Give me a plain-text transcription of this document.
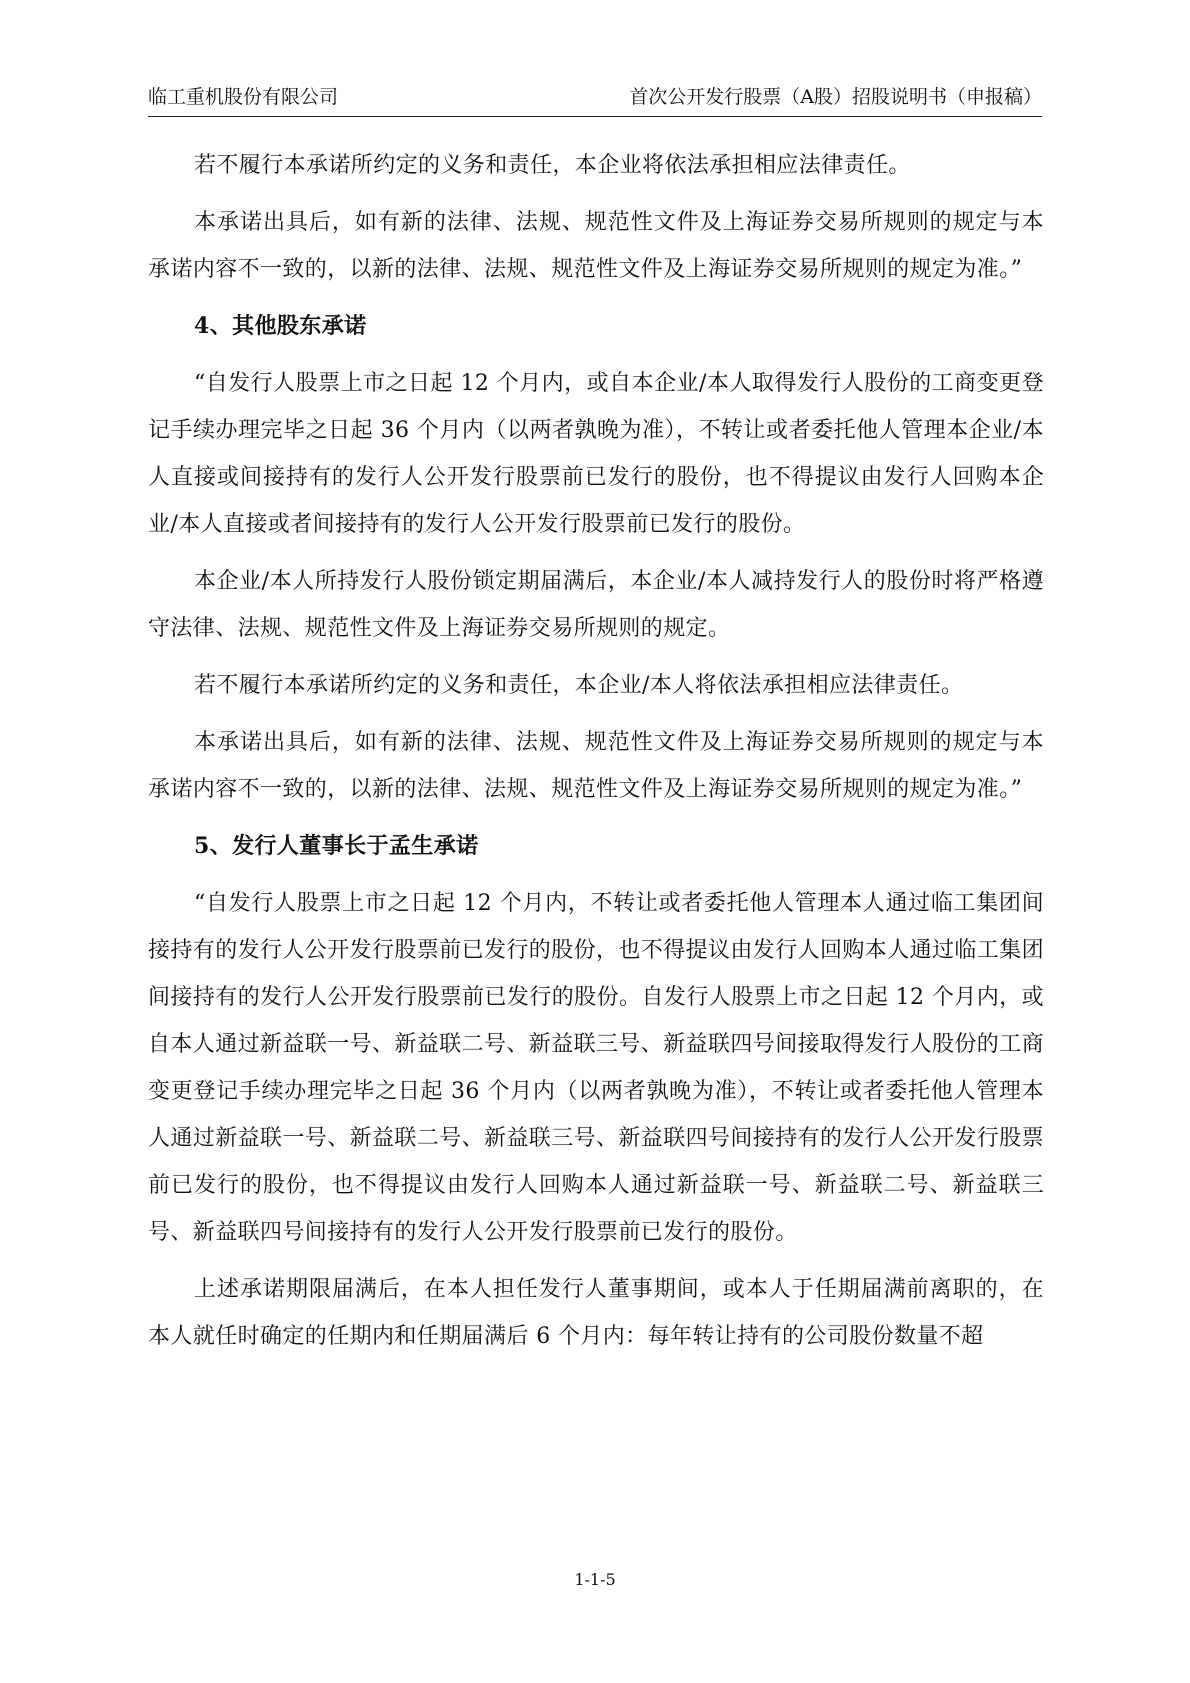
临工重机股份有限公司	首次公开发行股票（A股）招股说明书（申报稿）

若不履行本承诺所约定的义务和责任，本企业将依法承担相应法律责任。

本承诺出具后，如有新的法律、法规、规范性文件及上海证券交易所规则的规定与本承诺内容不一致的，以新的法律、法规、规范性文件及上海证券交易所规则的规定为准。”

4、其他股东承诺

“自发行人股票上市之日起 12 个月内，或自本企业/本人取得发行人股份的工商变更登记手续办理完毕之日起 36 个月内（以两者孰晚为准），不转让或者委托他人管理本企业/本人直接或间接持有的发行人公开发行股票前已发行的股份，也不得提议由发行人回购本企业/本人直接或者间接持有的发行人公开发行股票前已发行的股份。

本企业/本人所持发行人股份锁定期届满后，本企业/本人减持发行人的股份时将严格遵守法律、法规、规范性文件及上海证券交易所规则的规定。

若不履行本承诺所约定的义务和责任，本企业/本人将依法承担相应法律责任。

本承诺出具后，如有新的法律、法规、规范性文件及上海证券交易所规则的规定与本承诺内容不一致的，以新的法律、法规、规范性文件及上海证券交易所规则的规定为准。”

5、发行人董事长于孟生承诺

“自发行人股票上市之日起 12 个月内，不转让或者委托他人管理本人通过临工集团间接持有的发行人公开发行股票前已发行的股份，也不得提议由发行人回购本人通过临工集团间接持有的发行人公开发行股票前已发行的股份。自发行人股票上市之日起 12 个月内，或自本人通过新益联一号、新益联二号、新益联三号、新益联四号间接取得发行人股份的工商变更登记手续办理完毕之日起 36 个月内（以两者孰晚为准），不转让或者委托他人管理本人通过新益联一号、新益联二号、新益联三号、新益联四号间接持有的发行人公开发行股票前已发行的股份，也不得提议由发行人回购本人通过新益联一号、新益联二号、新益联三号、新益联四号间接持有的发行人公开发行股票前已发行的股份。

上述承诺期限届满后，在本人担任发行人董事期间，或本人于任期届满前离职的，在本人就任时确定的任期内和任期届满后 6 个月内：每年转让持有的公司股份数量不超

1-1-5
